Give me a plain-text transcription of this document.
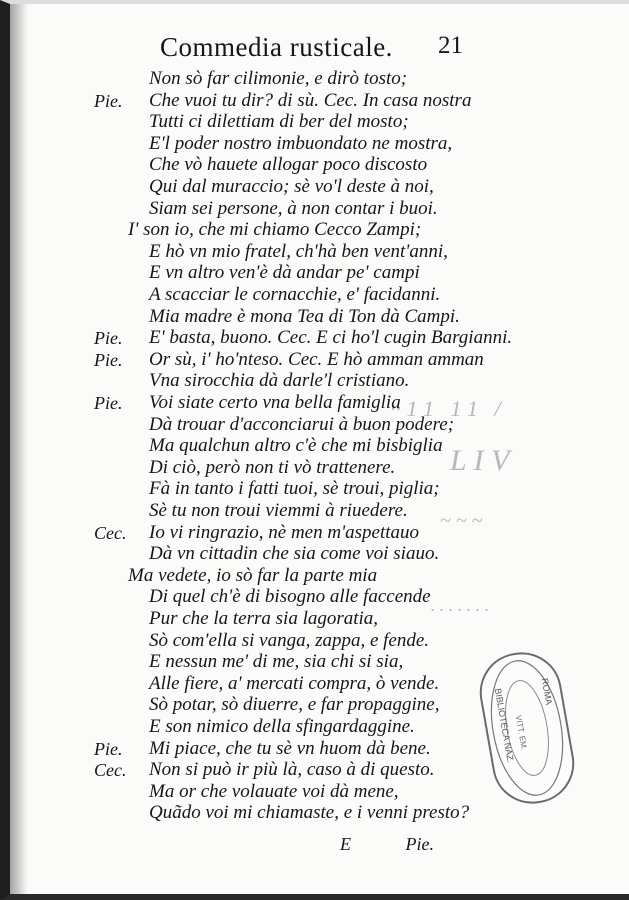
Commedia rusticale. 21
·· 1 1   1 1   /
L I V
~ ~ ~
· · · · · · ·
Non sò far cilimonie, e dirò tosto;
Pie. Che vuoi tu dir? di sù. Cec. In casa nostra
Tutti ci dilettiam di ber del mosto;
E'l poder nostro imbuondato ne mostra,
Che vò hauete allogar poco discosto
Qui dal muraccio; sè vo'l deste à noi,
Siam sei persone, à non contar i buoi.
I' son io, che mi chiamo Cecco Zampi;
E hò vn mio fratel, ch'hà ben vent'anni,
E vn altro ven'è dà andar pe' campi
A scacciar le cornacchie, e' facidanni.
Mia madre è mona Tea di Ton dà Campi.
Pie. E' basta, buono. Cec. E ci ho'l cugin Bargianni.
Pie. Or sù, i' ho'nteso. Cec. E hò amman amman
Vna sirocchia dà darle'l cristiano.
Pie. Voi siate certo vna bella famiglia
Dà trouar d'acconciarui à buon podere;
Ma qualchun altro c'è che mi bisbiglia
Di ciò, però non ti vò trattenere.
Fà in tanto i fatti tuoi, sè troui, piglia;
Sè tu non troui viemmi à riuedere.
Cec. Io vi ringrazio, nè men m'aspettauo
Dà vn cittadin che sia come voi siauo.
Ma vedete, io sò far la parte mia
Di quel ch'è di bisogno alle faccende
Pur che la terra sia lagoratia,
Sò com'ella si vanga, zappa, e fende.
E nessun me' di me, sia chi si sia,
Alle fiere, a' mercati compra, ò vende.
Sò potar, sò diuerre, e far propaggine,
E son nimico della sfingardaggine.
Pie. Mi piace, che tu sè vn huom dà bene.
Cec. Non si può ir più là, caso à di questo.
Ma or che volauate voi dà mene,
Quãdo voi mi chiamaste, e i venni presto?
E	Pie.
BIBLIOTECA NAZ.	ROMA
VITT. EM.
